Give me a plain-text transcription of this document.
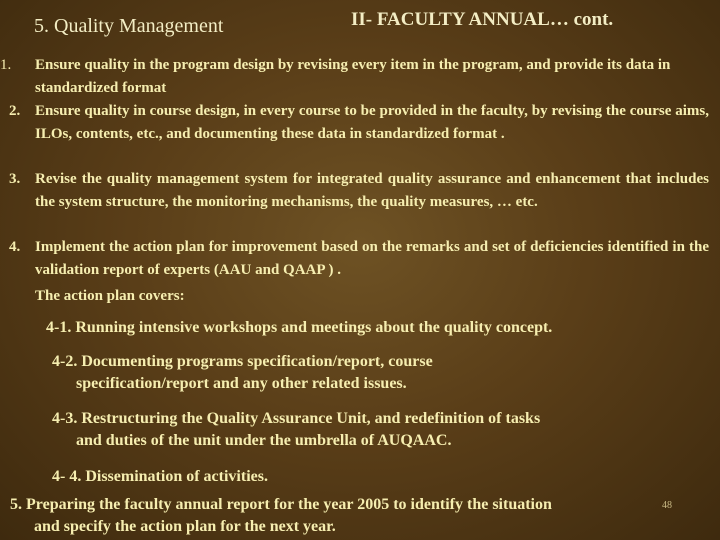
5. Quality Management	II- FACULTY ANNUAL… cont.
1. Ensure quality in the program design by revising every item in the program, and provide its data in standardized format
2. Ensure quality in course design, in every course to be provided in the faculty, by revising the course aims, ILOs, contents, etc., and documenting these data in standardized format .
3. Revise the quality management system for integrated quality assurance and enhancement that includes the system structure, the monitoring mechanisms, the quality measures, … etc.
4. Implement the action plan for improvement based on the remarks and set of deficiencies identified in the validation report of experts (AAU and QAAP ) .
The action plan covers:
4-1. Running intensive workshops and meetings about the quality concept.
4-2. Documenting programs specification/report, course
specification/report and any other related issues.
4-3. Restructuring the Quality Assurance Unit, and redefinition of tasks
and duties of the unit under the umbrella of AUQAAC.
4- 4. Dissemination of activities.
5. Preparing the faculty annual report for the year 2005 to identify the situation
and specify the action plan for the next year.
48
